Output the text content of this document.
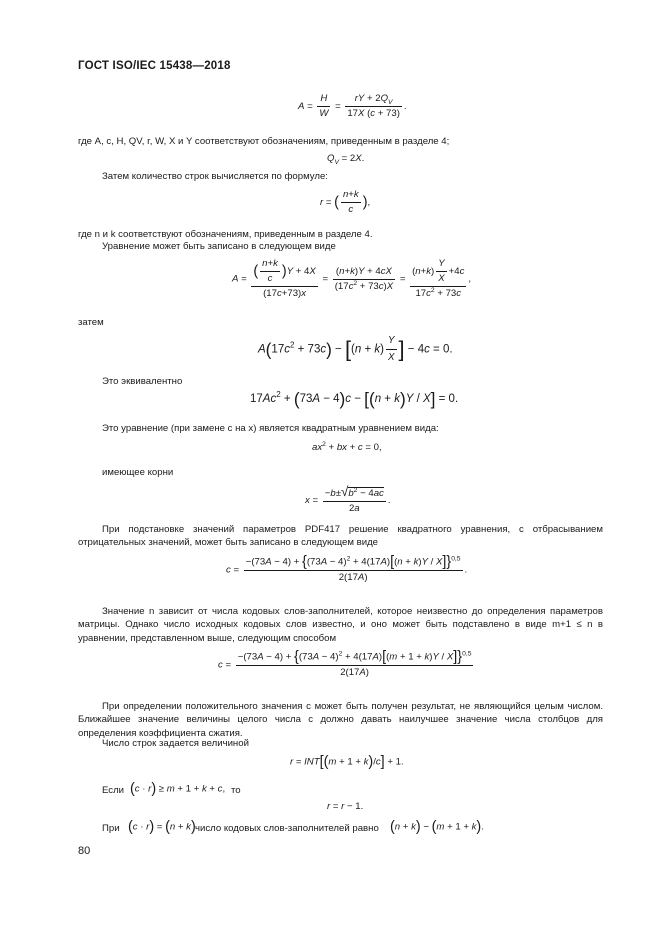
ГОСТ ISO/IEC 15438—2018
$A = \frac{H}{W} = \frac{rY + 2Q_V}{17X (c + 73)}$ .
где A, c, H, QV, r, W, X и Y соответствуют обозначениям, приведенным в разделе 4;
$Q_V = 2X$.
Затем количество строк вычисляется по формуле:
r = ( $\frac{n+k}{c}$ ),
где n и k соответствуют обозначениям, приведенным в разделе 4.
Уравнение может быть записано в следующем виде
$A = \frac{( \frac{n+k}{c} )Y + 4X}{(17c+73)x} = \frac{(n+k)Y + 4cX}{(17c^2 + 73c)X} = \frac{(n+k) \frac{Y}{X} +4c}{17c^2 + 73c}$ ,
затем
$A(17c^2 + 73c) - [(n + k) \frac{Y}{X}$ ] − 4c = 0.
Это эквивалентно
$17Ac^2 + (73A - 4)c - [(n + k)Y / X] = 0$.
Это уравнение (при замене c на x) является квадратным уравнением вида:
$ax^2$ + bx + c = 0,
имеющее корни
$x = \frac{-b\pm√b^2 - 4ac}{2a}$ .
При подстановке значений параметров PDF417 решение квадратного уравнения, с отбрасыванием отрицательных значений, может быть записано в следующем виде
$c = \frac{-(73A - 4) + \{(73A - 4)^2 + 4(17A)[(n + k)Y / X]\}^{0,5}}{2(17A)}$ .
Значение n зависит от числа кодовых слов-заполнителей, которое неизвестно до определения параметров матрицы. Однако число исходных кодовых слов известно, и оно может быть подставлено в виде m+1 ≤ n в уравнении, представленном выше, следующим способом
$c = \frac{-(73A - 4) + \{(73A - 4)^2 + 4(17A)[(m + 1 + k)Y / X]\}^{0,5}}{2(17A)}$
При определении положительного значения c может быть получен результат, не являющийся целым числом. Ближайшее значение величины целого числа c должно давать наилучшее значение числа столбцов для определения коэффициента сжатия.
Число строк задается величиной
r = INT[(m + 1 + k)/c] + 1.
Если (c · r) ≥ m + 1 + k + c, то
r = r − 1.
При (c · r) = (n + k) число кодовых слов-заполнителей равно (n + k) − (m + 1 + k).
80
